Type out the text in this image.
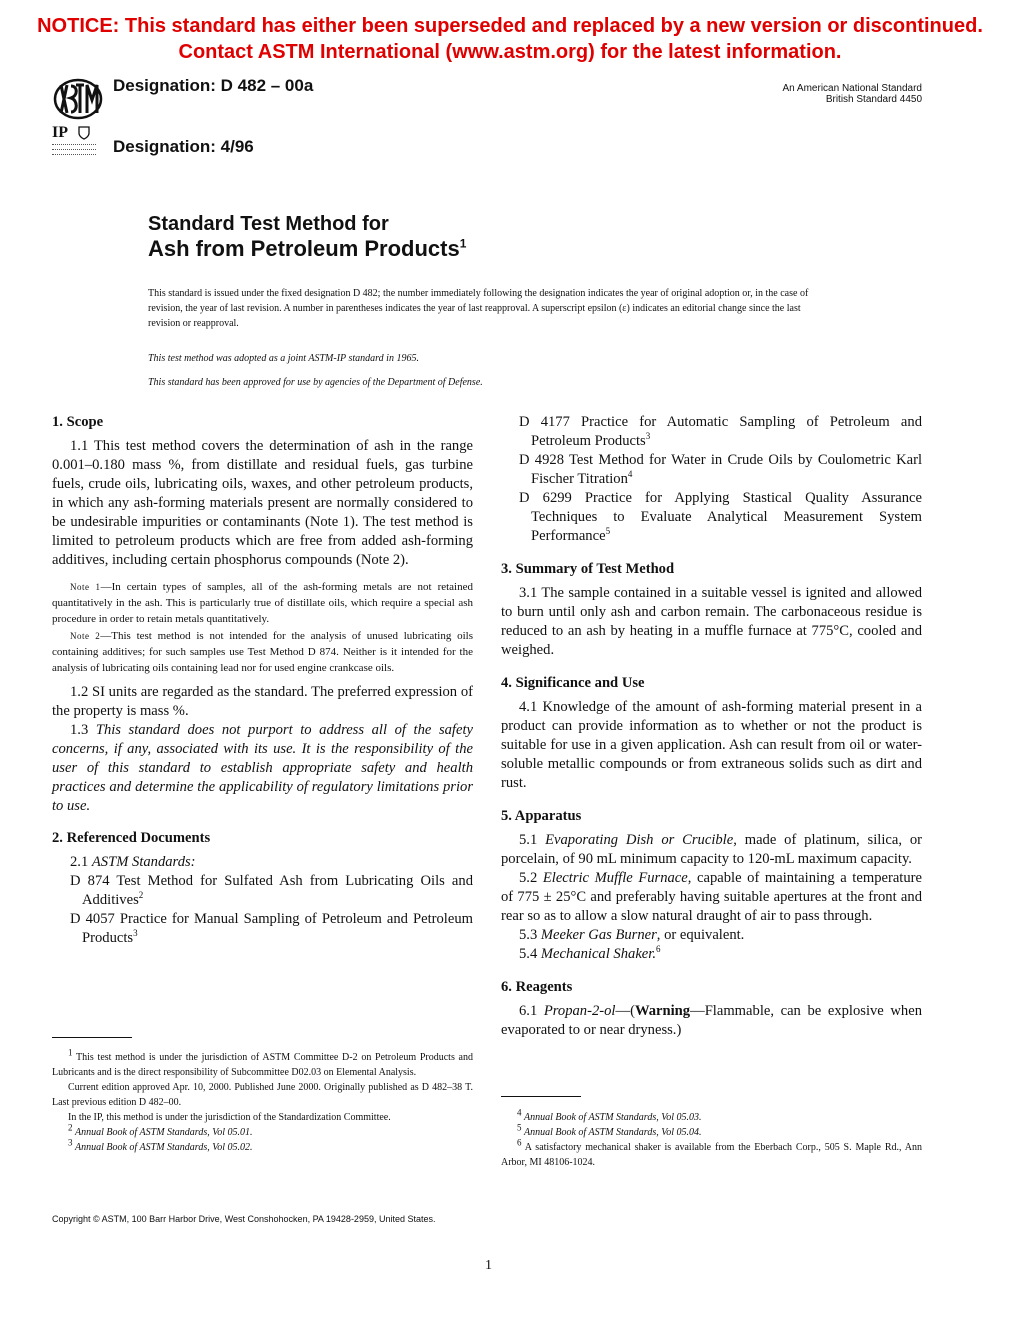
NOTICE: This standard has either been superseded and replaced by a new version or discontinued.
Contact ASTM International (www.astm.org) for the latest information.
Designation: D 482 – 00a	An American National Standard
British Standard 4450
IP
Designation: 4/96
Standard Test Method for
Ash from Petroleum Products$^1$
This standard is issued under the fixed designation D 482; the number immediately following the designation indicates the year of original adoption or, in the case of revision, the year of last revision. A number in parentheses indicates the year of last reapproval. A superscript epsilon (ε) indicates an editorial change since the last revision or reapproval.
This test method was adopted as a joint ASTM-IP standard in 1965.
This standard has been approved for use by agencies of the Department of Defense.

1. Scope

1.1 This test method covers the determination of ash in the range 0.001–0.180 mass %, from distillate and residual fuels, gas turbine fuels, crude oils, lubricating oils, waxes, and other petroleum products, in which any ash-forming materials present are normally considered to be undesirable impurities or contaminants (Note 1). The test method is limited to petroleum products which are free from added ash-forming additives, including certain phosphorus compounds (Note 2).

Note 1—In certain types of samples, all of the ash-forming metals are not retained quantitatively in the ash. This is particularly true of distillate oils, which require a special ash procedure in order to retain metals quantitatively.

Note 2—This test method is not intended for the analysis of unused lubricating oils containing additives; for such samples use Test Method D 874. Neither is it intended for the analysis of lubricating oils containing lead nor for used engine crankcase oils.

1.2 SI units are regarded as the standard. The preferred expression of the property is mass %.

1.3 This standard does not purport to address all of the safety concerns, if any, associated with its use. It is the responsibility of the user of this standard to establish appropriate safety and health practices and determine the applicability of regulatory limitations prior to use.

2. Referenced Documents

2.1 ASTM Standards:

D 874 Test Method for Sulfated Ash from Lubricating Oils and Additives$^2$

D 4057 Practice for Manual Sampling of Petroleum and Petroleum Products$^3$

$^1$ This test method is under the jurisdiction of ASTM Committee D-2 on Petroleum Products and Lubricants and is the direct responsibility of Subcommittee D02.03 on Elemental Analysis.

Current edition approved Apr. 10, 2000. Published June 2000. Originally published as D 482–38 T. Last previous edition D 482–00.

In the IP, this method is under the jurisdiction of the Standardization Committee.

$^2$ Annual Book of ASTM Standards, Vol 05.01.

$^3$ Annual Book of ASTM Standards, Vol 05.02.

D 4177 Practice for Automatic Sampling of Petroleum and Petroleum Products$^3$

D 4928 Test Method for Water in Crude Oils by Coulometric Karl Fischer Titration$^4$

D 6299 Practice for Applying Stastical Quality Assurance Techniques to Evaluate Analytical Measurement System Performance$^5$

3. Summary of Test Method

3.1 The sample contained in a suitable vessel is ignited and allowed to burn until only ash and carbon remain. The carbonaceous residue is reduced to an ash by heating in a muffle furnace at 775°C, cooled and weighed.

4. Significance and Use

4.1 Knowledge of the amount of ash-forming material present in a product can provide information as to whether or not the product is suitable for use in a given application. Ash can result from oil or water-soluble metallic compounds or from extraneous solids such as dirt and rust.

5. Apparatus

5.1 Evaporating Dish or Crucible, made of platinum, silica, or porcelain, of 90 mL minimum capacity to 120-mL maximum capacity.

5.2 Electric Muffle Furnace, capable of maintaining a temperature of 775 ± 25°C and preferably having suitable apertures at the front and rear so as to allow a slow natural draught of air to pass through.

5.3 Meeker Gas Burner, or equivalent.

5.4 Mechanical Shaker.$^6$

6. Reagents

6.1 Propan-2-ol—(Warning—Flammable, can be explosive when evaporated to or near dryness.)

$^4$ Annual Book of ASTM Standards, Vol 05.03.

$^5$ Annual Book of ASTM Standards, Vol 05.04.

$^6$ A satisfactory mechanical shaker is available from the Eberbach Corp., 505 S. Maple Rd., Ann Arbor, MI 48106-1024.

Copyright © ASTM, 100 Barr Harbor Drive, West Conshohocken, PA 19428-2959, United States.
1
